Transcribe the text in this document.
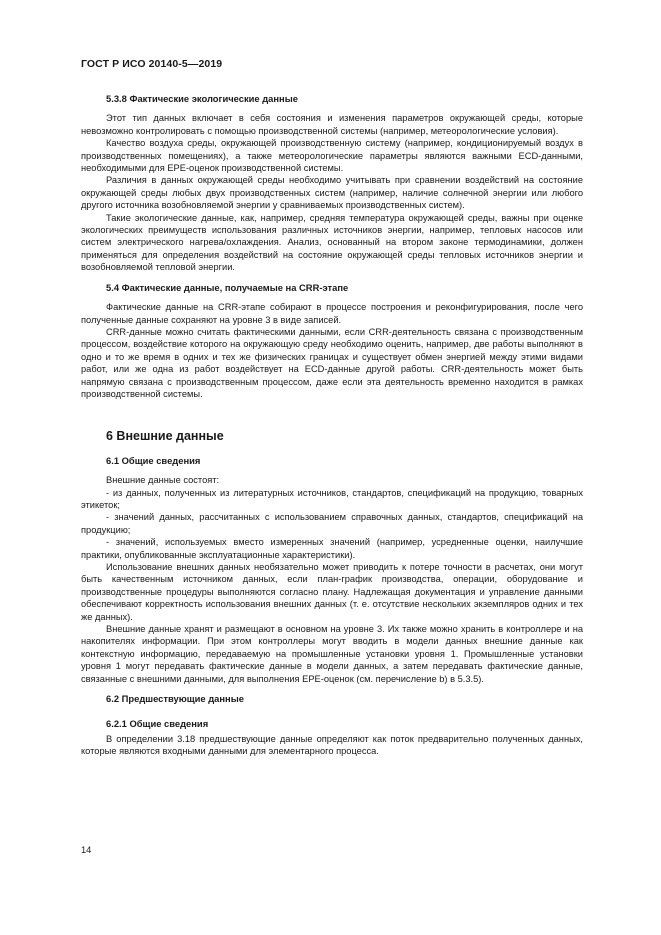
ГОСТ Р ИСО 20140-5—2019
5.3.8 Фактические экологические данные

Этот тип данных включает в себя состояния и изменения параметров окружающей среды, которые невозможно контролировать с помощью производственной системы (например, метеорологические условия).

Качество воздуха среды, окружающей производственную систему (например, кондиционируемый воздух в производственных помещениях), а также метеорологические параметры являются важными ECD-данными, необходимыми для EPE-оценок производственной системы.

Различия в данных окружающей среды необходимо учитывать при сравнении воздействий на состояние окружающей среды любых двух производственных систем (например, наличие солнечной энергии или любого другого источника возобновляемой энергии у сравниваемых производственных систем).

Такие экологические данные, как, например, средняя температура окружающей среды, важны при оценке экологических преимуществ использования различных источников энергии, например, тепловых насосов или систем электрического нагрева/охлаждения. Анализ, основанный на втором законе термодинамики, должен применяться для определения воздействий на состояние окружающей среды тепловых источников энергии и возобновляемой тепловой энергии.

5.4 Фактические данные, получаемые на CRR-этапе

Фактические данные на CRR-этапе собирают в процессе построения и реконфигурирования, после чего полученные данные сохраняют на уровне 3 в виде записей.

CRR-данные можно считать фактическими данными, если CRR-деятельность связана с производственным процессом, воздействие которого на окружающую среду необходимо оценить, например, две работы выполняют в одно и то же время в одних и тех же физических границах и существует обмен энергией между этими видами работ, или же одна из работ воздействует на ECD-данные другой работы. CRR-деятельность может быть напрямую связана с производственным процессом, даже если эта деятельность временно находится в рамках производственной системы.

6 Внешние данные
6.1 Общие сведения

Внешние данные состоят:

- из данных, полученных из литературных источников, стандартов, спецификаций на продукцию, товарных этикеток;

- значений данных, рассчитанных с использованием справочных данных, стандартов, спецификаций на продукцию;

- значений, используемых вместо измеренных значений (например, усредненные оценки, наилучшие практики, опубликованные эксплуатационные характеристики).

Использование внешних данных необязательно может приводить к потере точности в расчетах, они могут быть качественным источником данных, если план-график производства, операции, оборудование и производственные процедуры выполняются согласно плану. Надлежащая документация и управление данными обеспечивают корректность использования внешних данных (т. е. отсутствие нескольких экземпляров одних и тех же данных).

Внешние данные хранят и размещают в основном на уровне 3. Их также можно хранить в контроллере и на накопителях информации. При этом контроллеры могут вводить в модели данных внешние данные как контекстную информацию, передаваемую на промышленные установки уровня 1. Промышленные установки уровня 1 могут передавать фактические данные в модели данных, а затем передавать фактические данные, связанные с внешними данными, для выполнения EPE-оценок (см. перечисление b) в 5.3.5).

6.2 Предшествующие данные
6.2.1 Общие сведения

В определении 3.18 предшествующие данные определяют как поток предварительно полученных данных, которые являются входными данными для элементарного процесса.

14
